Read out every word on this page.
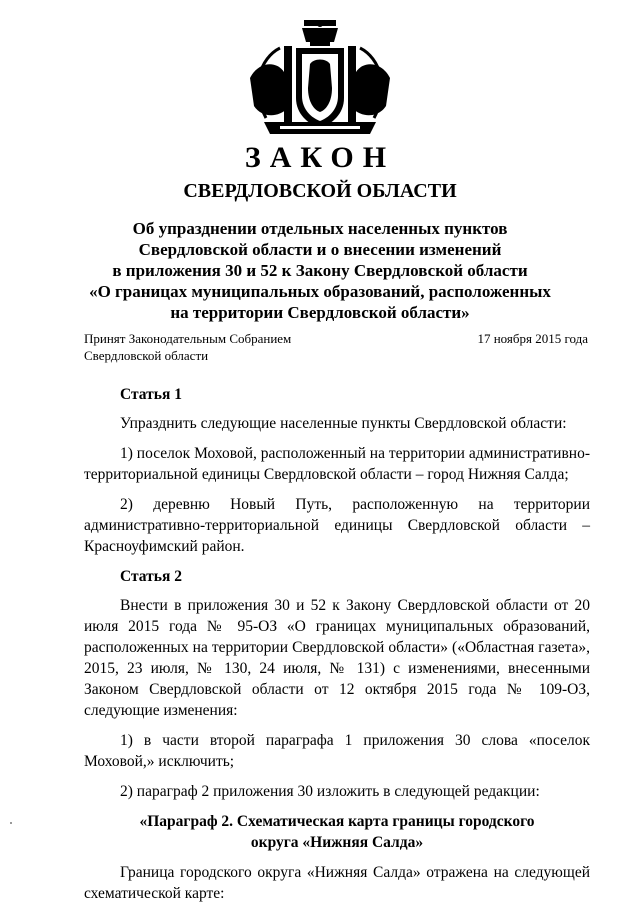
ЗАКОН
СВЕРДЛОВСКОЙ ОБЛАСТИ
Об упразднении отдельных населенных пунктов
Свердловской области и о внесении изменений
в приложения 30 и 52 к Закону Свердловской области
«О границах муниципальных образований, расположенных
на территории Свердловской области»
Принят Законодательным Собранием
Свердловской области
17 ноября 2015 года

Статья 1

Упразднить следующие населенные пункты Свердловской области:

1) поселок Моховой, расположенный на территории административно-территориальной единицы Свердловской области – город Нижняя Салда;

2) деревню Новый Путь, расположенную на территории административно-территориальной единицы Свердловской области – Красноуфимский район.

Статья 2

Внести в приложения 30 и 52 к Закону Свердловской области от 20 июля 2015 года № 95-ОЗ «О границах муниципальных образований, расположенных на территории Свердловской области» («Областная газета», 2015, 23 июля, № 130, 24 июля, № 131) с изменениями, внесенными Законом Свердловской области от 12 октября 2015 года № 109-ОЗ, следующие изменения:

1) в части второй параграфа 1 приложения 30 слова «поселок Моховой,» исключить;

2) параграф 2 приложения 30 изложить в следующей редакции:

«Параграф 2. Схематическая карта границы городского
округа «Нижняя Салда»

Граница городского округа «Нижняя Салда» отражена на следующей схематической карте:
